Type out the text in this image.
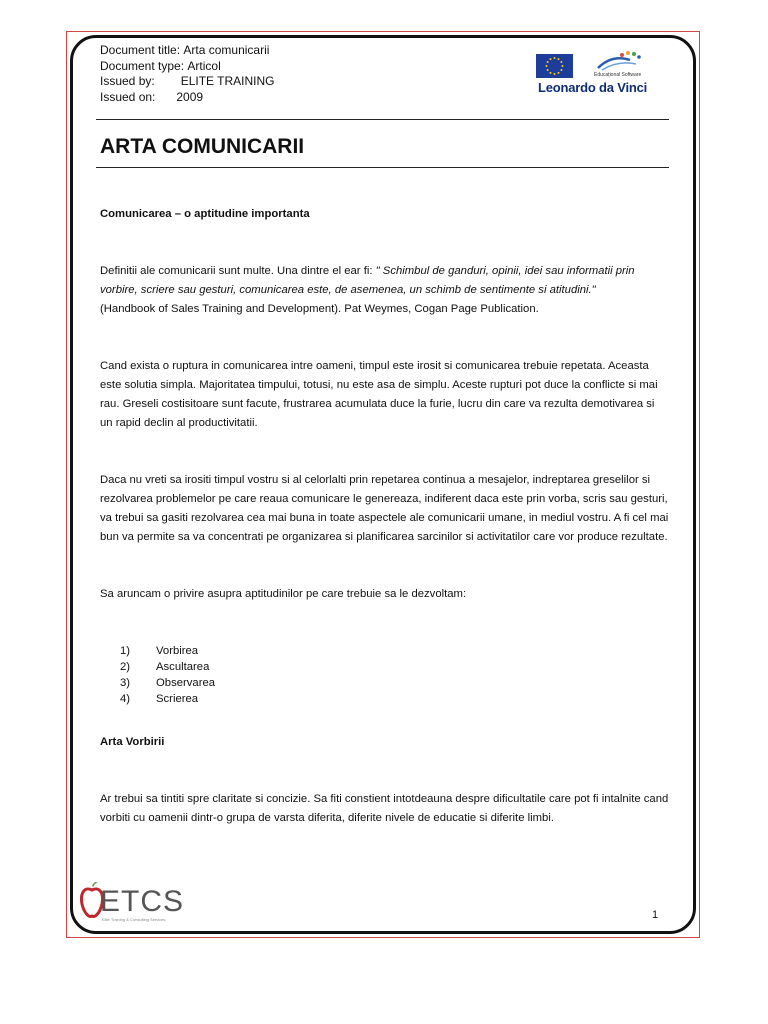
Document title:
Arta comunicarii
Document type:
Articol
Issued by: ELITE TRAINING
Issued on: 2009
Educațional Software
Leonardo da Vinci
ARTA COMUNICARII

Comunicarea – o aptitudine importanta

Definitii ale comunicarii sunt multe. Una dintre el ear fi: " Schimbul de ganduri, opinii, idei sau informatii prin vorbire, scriere sau gesturi, comunicarea este, de asemenea, un schimb de sentimente si atitudini."
(Handbook of Sales Training and Development). Pat Weymes, Cogan Page Publication.

Cand exista o ruptura in comunicarea intre oameni, timpul este irosit si comunicarea trebuie repetata. Aceasta este solutia simpla. Majoritatea timpului, totusi, nu este asa de simplu. Aceste rupturi pot duce la conflicte si mai rau. Greseli costisitoare sunt facute, frustrarea acumulata duce la furie, lucru din care va rezulta demotivarea si un rapid declin al productivitatii.

Daca nu vreti sa irositi timpul vostru si al celorlalti prin repetarea continua a mesajelor, indreptarea greselilor si rezolvarea problemelor pe care reaua comunicare le genereaza, indiferent daca este prin vorba, scris sau gesturi, va trebui sa gasiti rezolvarea cea mai buna in toate aspectele ale comunicarii umane, in mediul vostru. A fi cel mai bun va permite sa va concentrati pe organizarea si planificarea sarcinilor si activitatilor care vor produce rezultate.

Sa aruncam o privire asupra aptitudinilor pe care trebuie sa le dezvoltam:

1)	Vorbirea
2)	Ascultarea
3)	Observarea
4)	Scrierea

Arta Vorbirii

Ar trebui sa tintiti spre claritate si concizie. Sa fiti constient intotdeauna despre dificultatile care pot fi intalnite cand vorbiti cu oamenii dintr-o grupa de varsta diferita, diferite nivele de educatie si diferite limbi.

ETCS
Elite Training & Consulting Services	1
